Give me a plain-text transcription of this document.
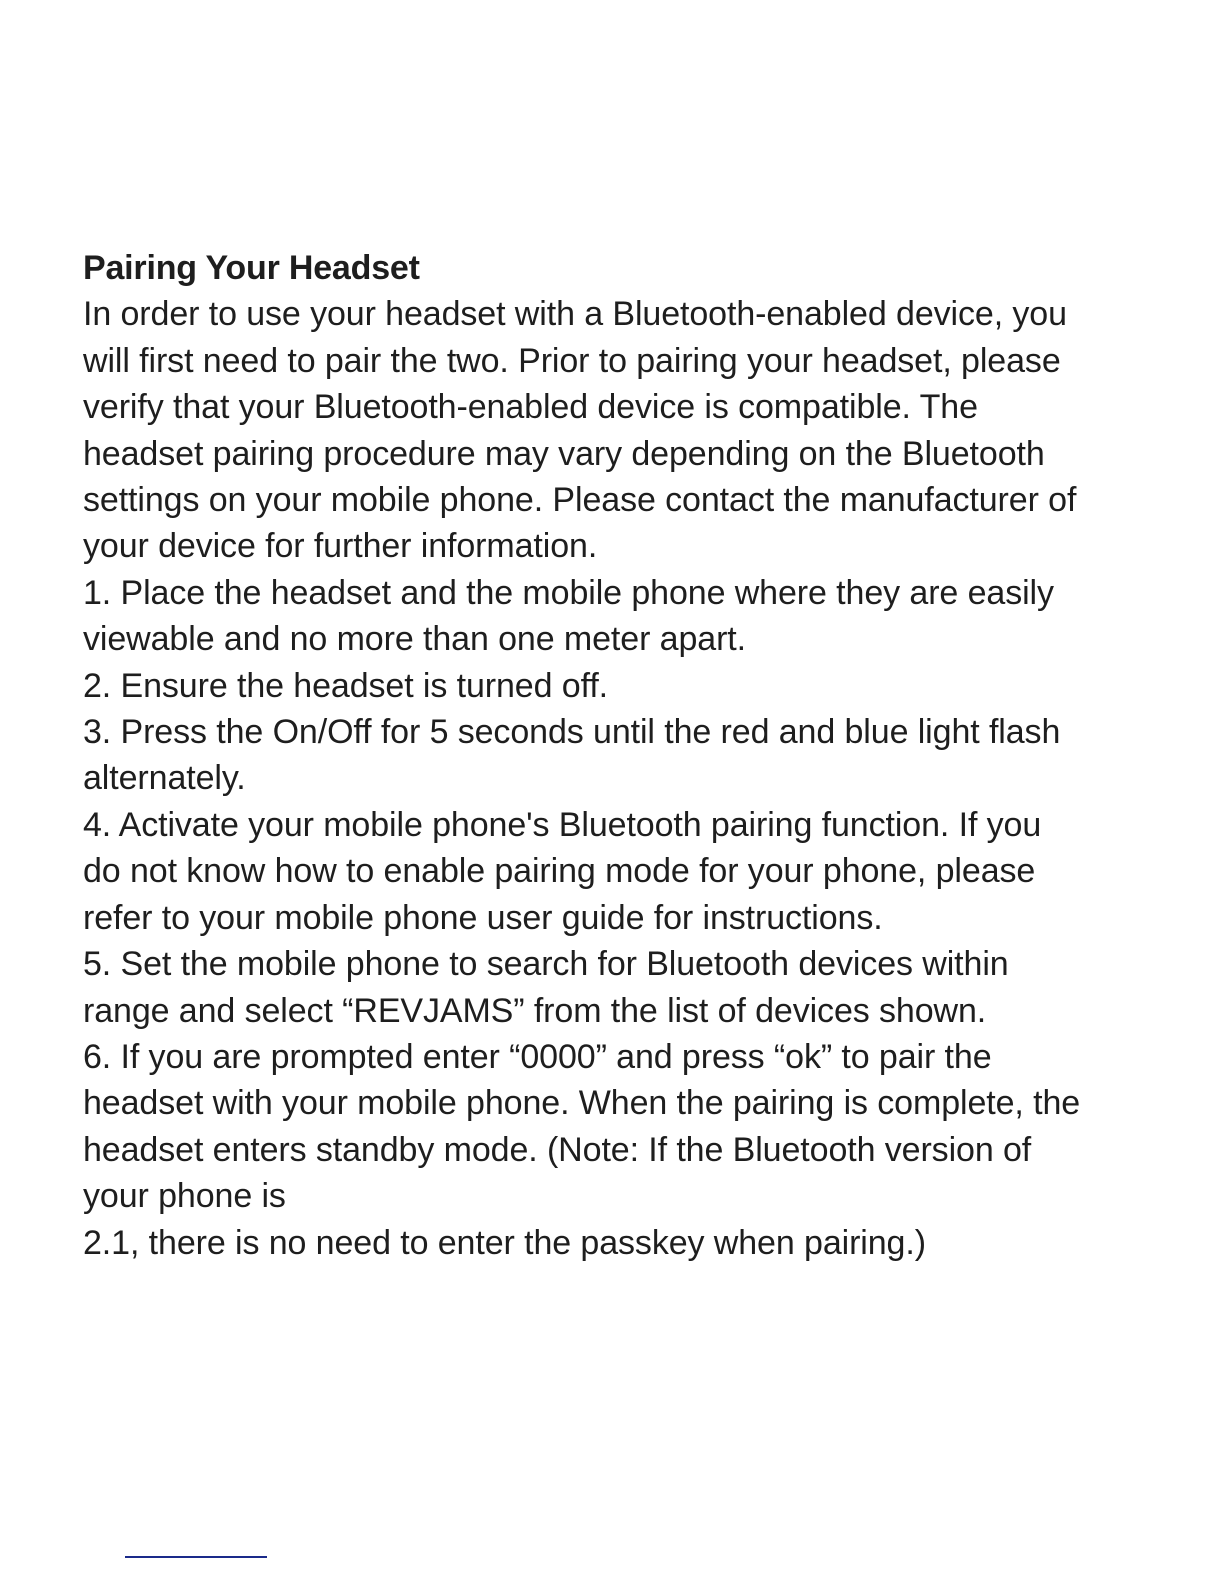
Pairing Your Headset
In order to use your headset with a Bluetooth-enabled device, you
will first need to pair the two. Prior to pairing your headset, please
verify that your Bluetooth-enabled device is compatible. The
headset pairing procedure may vary depending on the Bluetooth
settings on your mobile phone. Please contact the manufacturer of
your device for further information.
1. Place the headset and the mobile phone where they are easily
viewable and no more than one meter apart.
2. Ensure the headset is turned off.
3. Press the On/Off for 5 seconds until the red and blue light flash
alternately.
4. Activate your mobile phone's Bluetooth pairing function. If you
do not know how to enable pairing mode for your phone, please
refer to your mobile phone user guide for instructions.
5. Set the mobile phone to search for Bluetooth devices within
range and select “REVJAMS” from the list of devices shown.
6. If you are prompted enter “0000” and press “ok” to pair the
headset with your mobile phone. When the pairing is complete, the
headset enters standby mode. (Note: If the Bluetooth version of
your phone is
2.1, there is no need to enter the passkey when pairing.)
